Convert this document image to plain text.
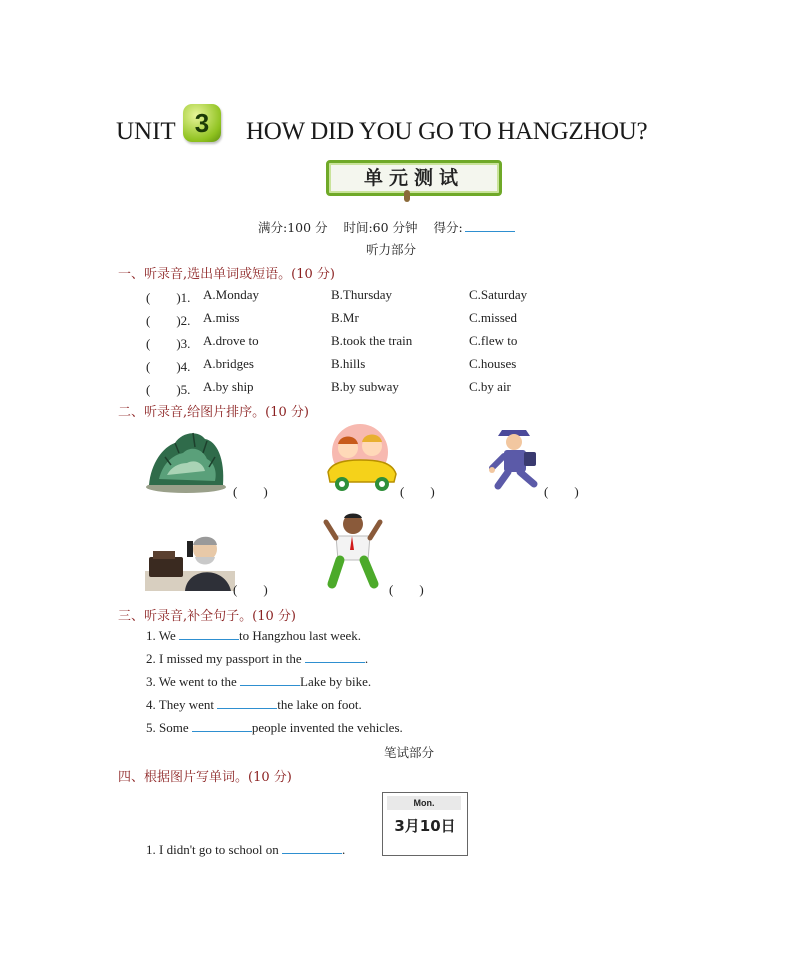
UNIT 3	HOW DID YOU GO TO HANGZHOU?
单元测试
满分:100 分 时间:60 分钟 得分:
听力部分
一、听录音,选出单词或短语。(10 分)
(　　)1. A.Monday	B.Thursday	C.Saturday
(　　)2. A.miss	B.Mr	C.missed
(　　)3. A.drove to	B.took the train	C.flew to
(　　)4. A.bridges	B.hills	C.houses
(　　)5. A.by ship	B.by subway	C.by air
二、听录音,给图片排序。(10 分)
(　　)	(　　)	(　　)
(　　)	(　　)
三、听录音,补全句子。(10 分)
1. We	to Hangzhou last week.
2. I missed my passport in the	.
3. We went to the	Lake by bike.
4. They went	the lake on foot.
5. Some	people invented the vehicles.
笔试部分
四、根据图片写单词。(10 分)
Mon.
3月10日
1. I didn't go to school on	.
